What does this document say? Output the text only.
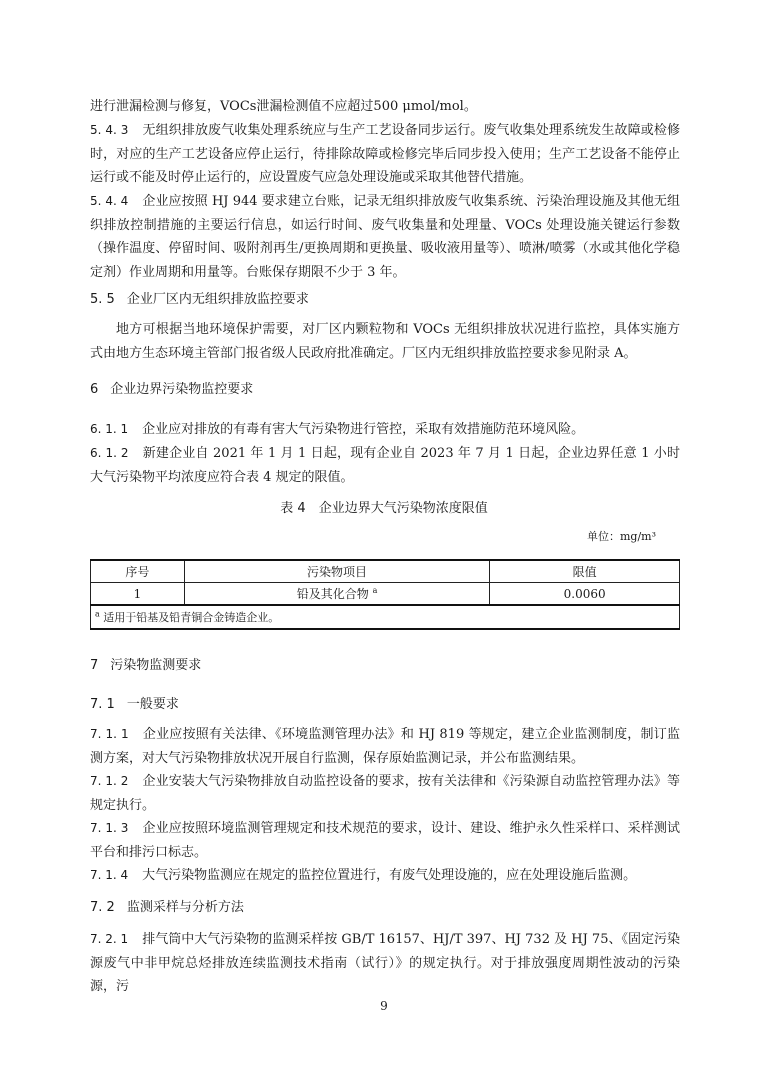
进行泄漏检测与修复，VOCs泄漏检测值不应超过500 μmol/mol。

5. 4. 3 无组织排放废气收集处理系统应与生产工艺设备同步运行。废气收集处理系统发生故障或检修时，对应的生产工艺设备应停止运行，待排除故障或检修完毕后同步投入使用；生产工艺设备不能停止运行或不能及时停止运行的，应设置废气应急处理设施或采取其他替代措施。

5. 4. 4 企业应按照 HJ 944 要求建立台账，记录无组织排放废气收集系统、污染治理设施及其他无组织排放控制措施的主要运行信息，如运行时间、废气收集量和处理量、VOCs 处理设施关键运行参数（操作温度、停留时间、吸附剂再生/更换周期和更换量、吸收液用量等）、喷淋/喷雾（水或其他化学稳定剂）作业周期和用量等。台账保存期限不少于 3 年。

5. 5 企业厂区内无组织排放监控要求

地方可根据当地环境保护需要，对厂区内颗粒物和 VOCs 无组织排放状况进行监控，具体实施方式由地方生态环境主管部门报省级人民政府批准确定。厂区内无组织排放监控要求参见附录 A。

6 企业边界污染物监控要求

6. 1. 1 企业应对排放的有毒有害大气污染物进行管控，采取有效措施防范环境风险。

6. 1. 2 新建企业自 2021 年 1 月 1 日起，现有企业自 2023 年 7 月 1 日起，企业边界任意 1 小时大气污染物平均浓度应符合表 4 规定的限值。

表 4　企业边界大气污染物浓度限值
单位：mg/m³
序号	污染物项目	限值
1	铅及其化合物 $^a$	0.0060
$^a$ 适用于铅基及铅青铜合金铸造企业。		
7 污染物监测要求
7. 1 一般要求

7. 1. 1 企业应按照有关法律、《环境监测管理办法》和 HJ 819 等规定，建立企业监测制度，制订监测方案，对大气污染物排放状况开展自行监测，保存原始监测记录，并公布监测结果。

7. 1. 2 企业安装大气污染物排放自动监控设备的要求，按有关法律和《污染源自动监控管理办法》等规定执行。

7. 1. 3 企业应按照环境监测管理规定和技术规范的要求，设计、建设、维护永久性采样口、采样测试平台和排污口标志。

7. 1. 4 大气污染物监测应在规定的监控位置进行，有废气处理设施的，应在处理设施后监测。

7. 2 监测采样与分析方法

7. 2. 1 排气筒中大气污染物的监测采样按 GB/T 16157、HJ/T 397、HJ 732 及 HJ 75、《固定污染源废气中非甲烷总烃排放连续监测技术指南（试行）》的规定执行。对于排放强度周期性波动的污染源，污

9
